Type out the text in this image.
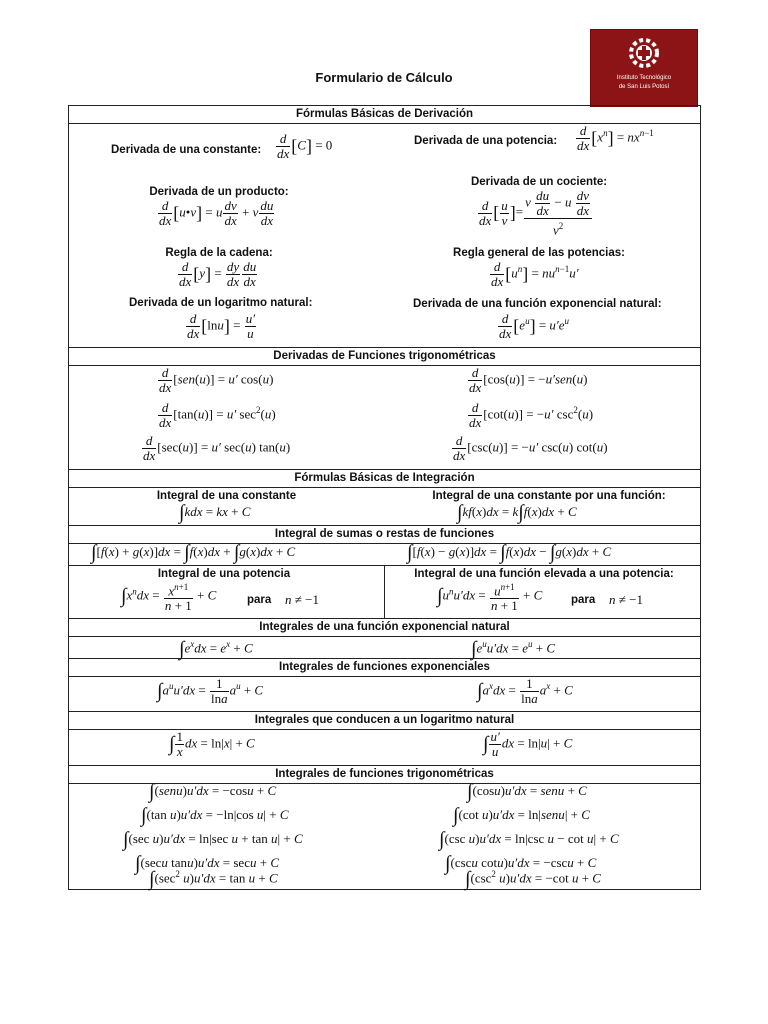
Formulario de Cálculo	Instituto Tecnológico
de San Luis Potosí
Fórmulas Básicas de Derivación
Derivada de una constante: $\frac{d}{dx} [C] = 0$	Derivada de una potencia: $\frac{d}{dx} [x^n] = nx^{n-1}$
Derivada de un producto:
$\frac{d}{dx}$ [u•v] = u $\frac{dv}{dx} + v \frac{du}{dx}$
Derivada de un cociente:
$\frac{d}{dx}$ [ $\frac{u}{v}$ ]= $\frac{v \frac{du}{dx} - u \frac{dv}{dx}}{v^2}$
Regla de la cadena:
$\frac{d}{dx} [y] = \frac{dy}{dx} \frac{du}{dx}$
Regla general de las potencias:
$\frac{d}{dx} [u^n] = nu^{n-1}u'$
Derivada de un logaritmo natural:
$\frac{d}{dx} [\ln u] = \frac{u'}{u}$
Derivada de una función exponencial natural:
$\frac{d}{dx} [e^u] = u'e^u$
Derivadas de Funciones trigonométricas
$\frac{d}{dx} [sen(u)] = u'$ cos(u)	$\frac{d}{dx} [\cos(u)] = -u'sen(u)$
$\frac{d}{dx} [\tan(u)] = u'$ $\sec^2(u)$	$\frac{d}{dx} [\cot(u)] = -u'$ $\csc^2(u)$
$\frac{d}{dx} [\sec(u)] = u'$ sec(u) tan(u)	$\frac{d}{dx} [\csc(u)] = -u'$ csc(u) cot(u)
Fórmulas Básicas de Integración
Integral de una constante
∫kdx = kx + C
Integral de una constante por una función:
∫kf(x)dx = k∫f(x)dx + C
Integral de sumas o restas de funciones
∫[f(x) + g(x)]dx = ∫f(x)dx + ∫g(x)dx + C	∫[f(x) − g(x)]dx = ∫f(x)dx − ∫g(x)dx + C
Integral de una potencia
$\int x^ndx = \frac{x^{n+1}}{n + 1} + C$	para n ≠ −1
Integral de una función elevada a una potencia:
$\int u^nu'dx = \frac{u^{n+1}}{n + 1} + C$ para n ≠ −1
Integrales de una función exponencial natural
$\int e^xdx = e^x + C$	$\int e^uu'dx = e^u + C$
Integrales de funciones exponenciales
$\int a^uu'dx = \frac{1}{\ln a} a^u + C$	$\int a^xdx = \frac{1}{\ln a} a^x + C$
Integrales que conducen a un logaritmo natural
∫ $\frac{1}{x}$ dx = ln|x| + C	∫ $\frac{u'}{u}$ dx = ln|u| + C
Integrales de funciones trigonométricas
∫(senu)u′dx = −cosu + C	∫(cosu)u′dx = senu + C
∫(tan u)u′dx = −ln|cos u| + C	∫(cot u)u′dx = ln|senu| + C
∫(sec u)u′dx = ln|sec u + tan u| + C	∫(csc u)u′dx = ln|csc u − cot u| + C
∫(secu tanu)u′dx = secu + C	∫(cscu cotu)u′dx = −cscu + C
$\int(\sec^2$ u)u′dx = tan u + C	$\int(\csc^2$ u)u′dx = −cot u + C
